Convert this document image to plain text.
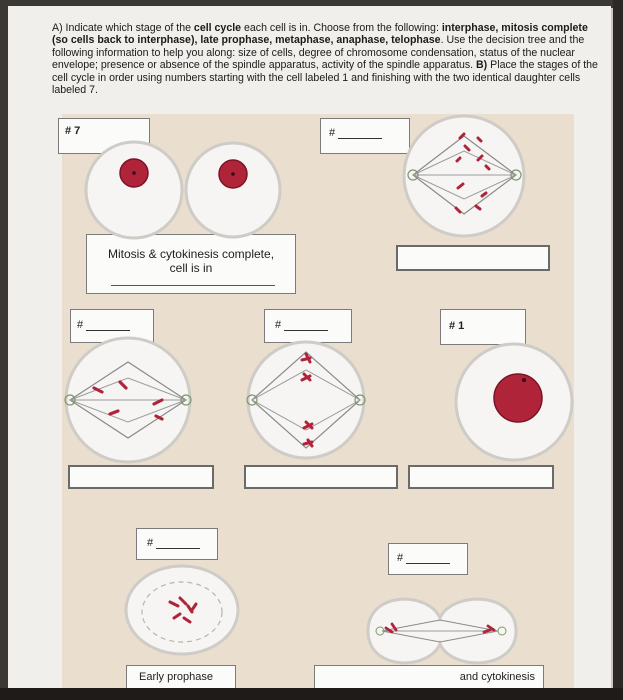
A) Indicate which stage of the cell cycle each cell is in. Choose from the following: interphase, mitosis complete (so cells back to interphase), late prophase, metaphase, anaphase, telophase. Use the decision tree and the following information to help you along: size of cells, degree of chromosome condensation, status of the nuclear envelope; presence or absence of the spindle apparatus, activity of the spindle apparatus. B) Place the stages of the cell cycle in order using numbers starting with the cell labeled 1 and finishing with the two identical daughter cells labeled 7.
# 7	#
Mitosis & cytokinesis complete,
cell is in
#	#	# 1
#
#
Early prophase	and cytokinesis
